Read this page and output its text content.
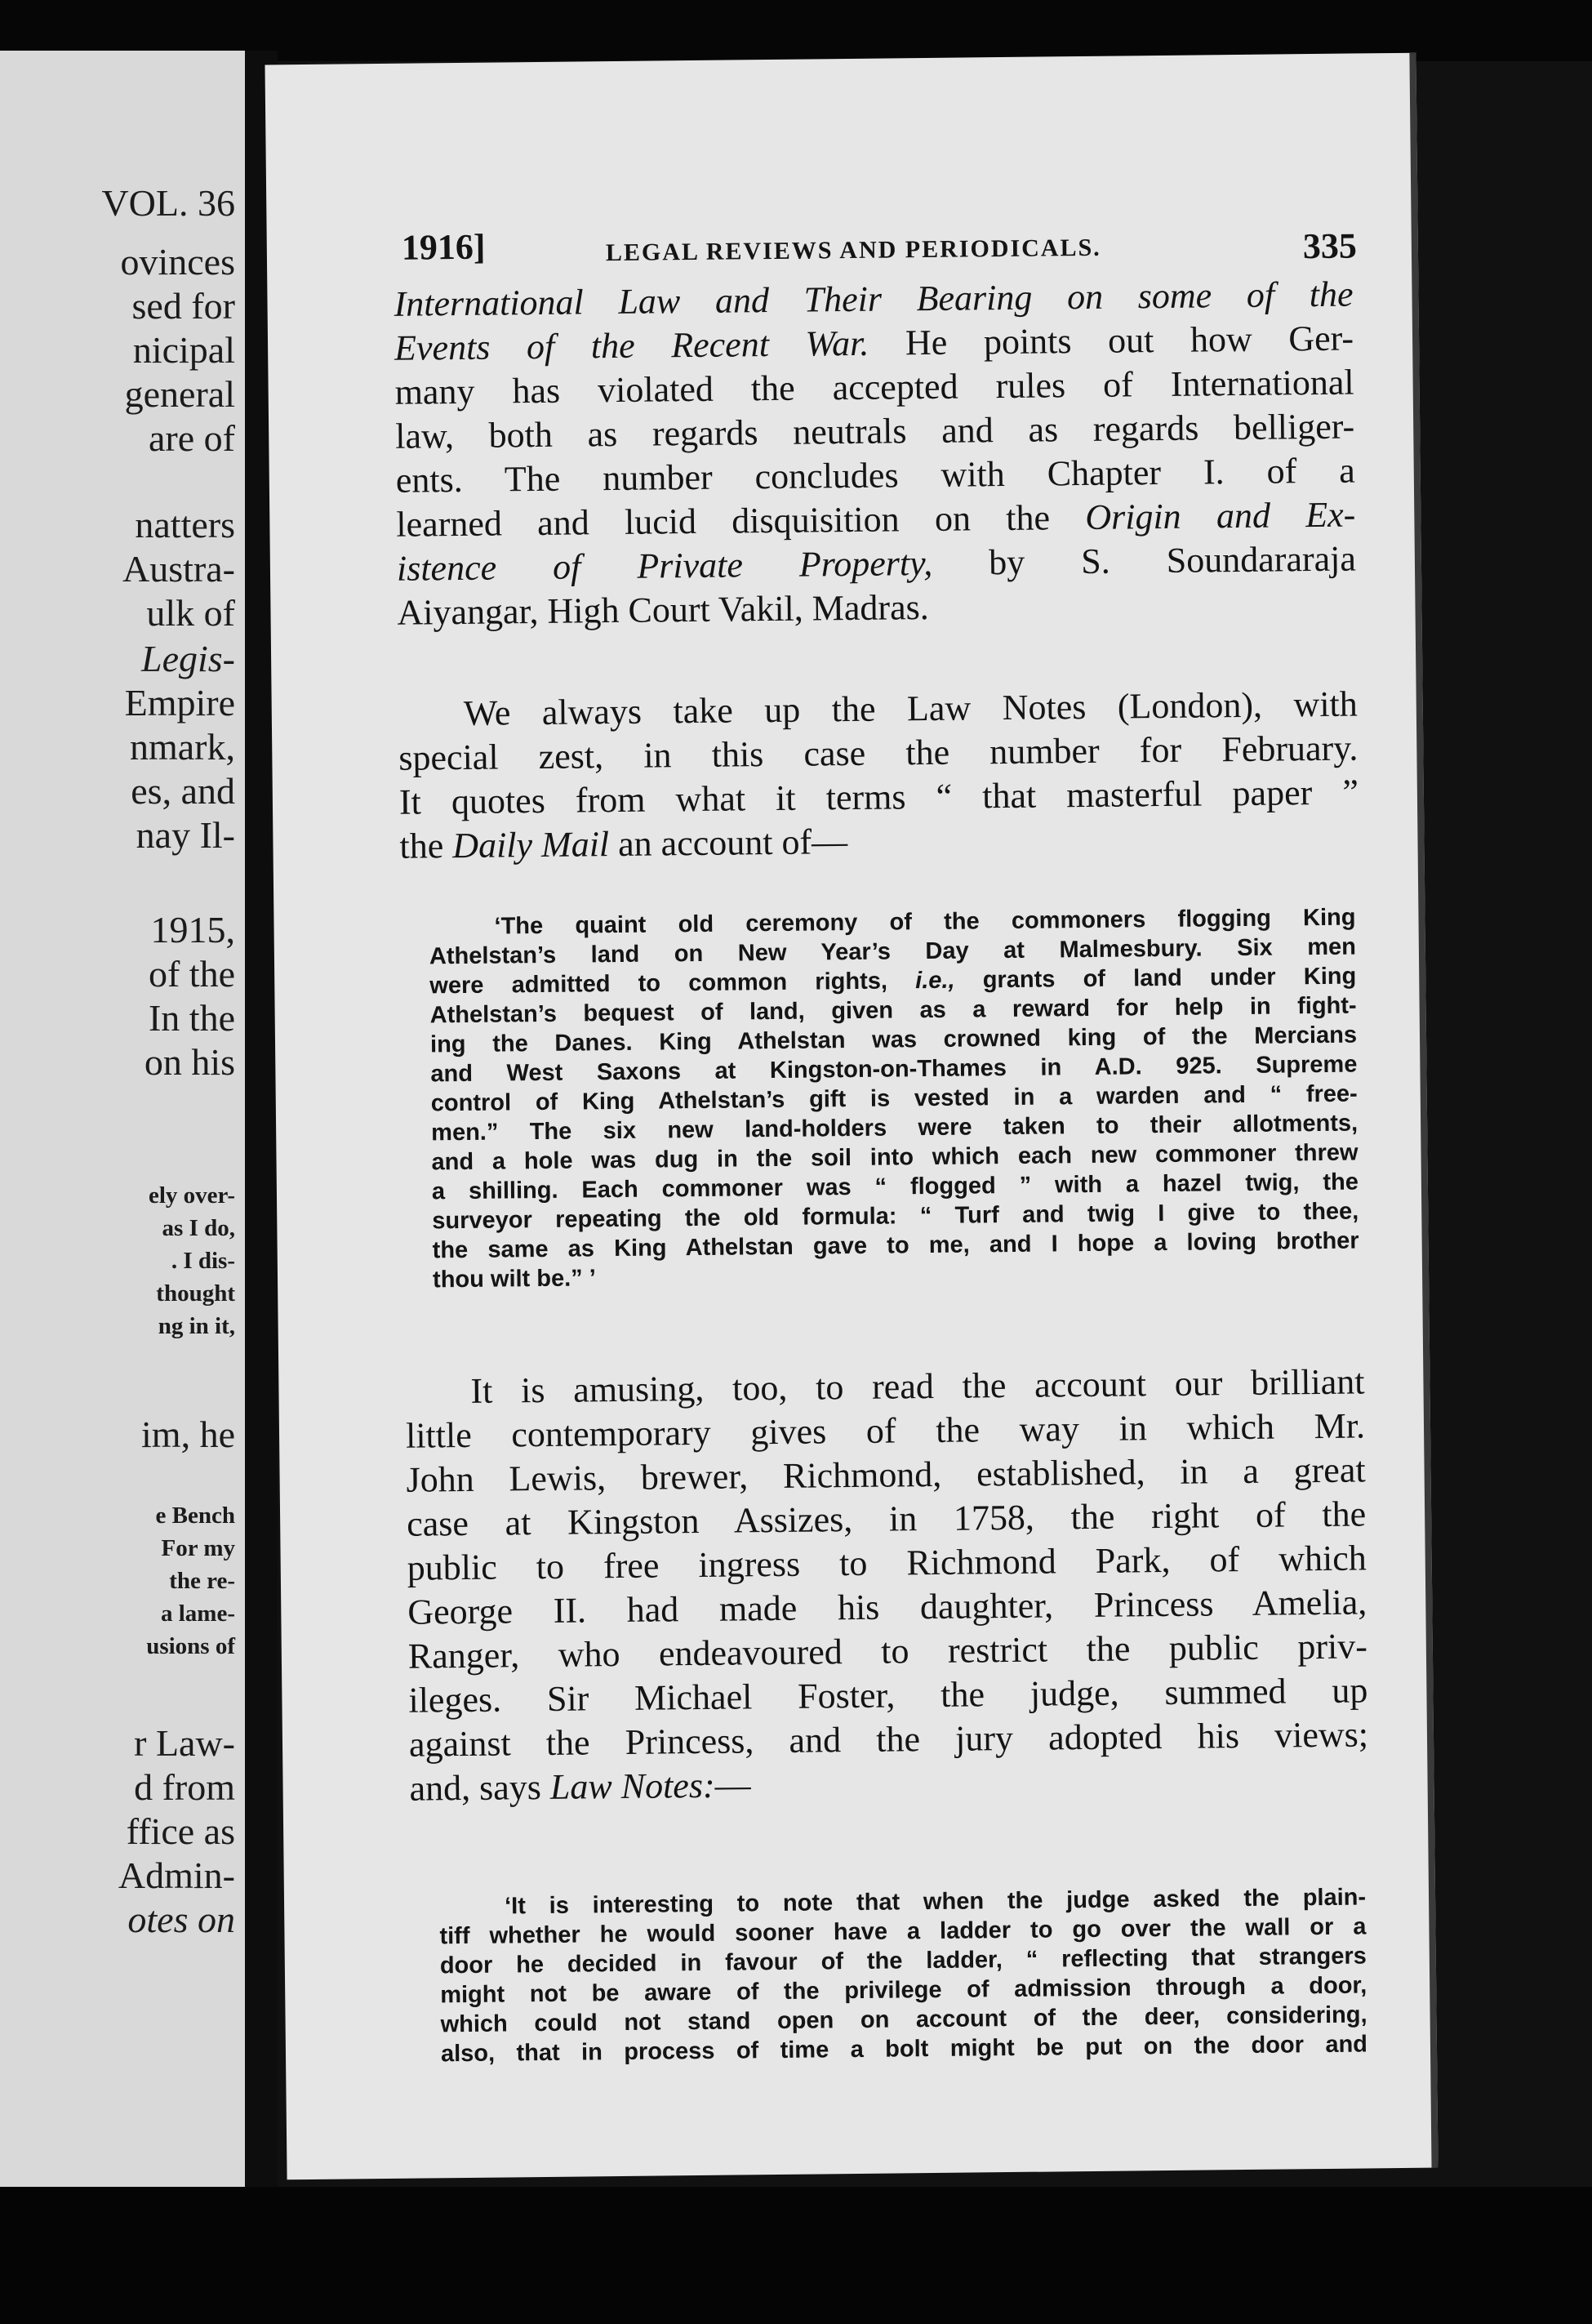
VOL. 36
ovinces
sed for
nicipal
general
are of
natters
Austra-
ulk of
Legis-
Empire
nmark,
es, and
nay Il-
1915,
of the
In the
on his
ely over-
as I do,
. I dis-
thought
ng in it,
im, he
e Bench
For my
the re-
a lame-
usions of
r Law-
d from
ffice as
Admin-
otes on
1916]	LEGAL REVIEWS AND PERIODICALS.	335
International Law and Their Bearing on some of the
Events of the Recent War. He points out how Ger-
many has violated the accepted rules of International
law, both as regards neutrals and as regards belliger-
ents. The number concludes with Chapter I. of a
learned and lucid disquisition on the Origin and Ex-
istence of Private Property, by S. Soundararaja
Aiyangar, High Court Vakil, Madras.
We always take up the Law Notes (London), with
special zest, in this case the number for February.
It quotes from what it terms “ that masterful paper ”
the Daily Mail an account of—
‘The quaint old ceremony of the commoners flogging King
Athelstan’s land on New Year’s Day at Malmesbury. Six men
were admitted to common rights, i.e., grants of land under King
Athelstan’s bequest of land, given as a reward for help in fight-
ing the Danes. King Athelstan was crowned king of the Mercians
and West Saxons at Kingston-on-Thames in A.D. 925. Supreme
control of King Athelstan’s gift is vested in a warden and “ free-
men.” The six new land-holders were taken to their allotments,
and a hole was dug in the soil into which each new commoner threw
a shilling. Each commoner was “ flogged ” with a hazel twig, the
surveyor repeating the old formula: “ Turf and twig I give to thee,
the same as King Athelstan gave to me, and I hope a loving brother
thou wilt be.” ’
It is amusing, too, to read the account our brilliant
little contemporary gives of the way in which Mr.
John Lewis, brewer, Richmond, established, in a great
case at Kingston Assizes, in 1758, the right of the
public to free ingress to Richmond Park, of which
George II. had made his daughter, Princess Amelia,
Ranger, who endeavoured to restrict the public priv-
ileges. Sir Michael Foster, the judge, summed up
against the Princess, and the jury adopted his views;
and, says Law Notes:—
‘It is interesting to note that when the judge asked the plain-
tiff whether he would sooner have a ladder to go over the wall or a
door he decided in favour of the ladder, “ reflecting that strangers
might not be aware of the privilege of admission through a door,
which could not stand open on account of the deer, considering,
also, that in process of time a bolt might be put on the door and
